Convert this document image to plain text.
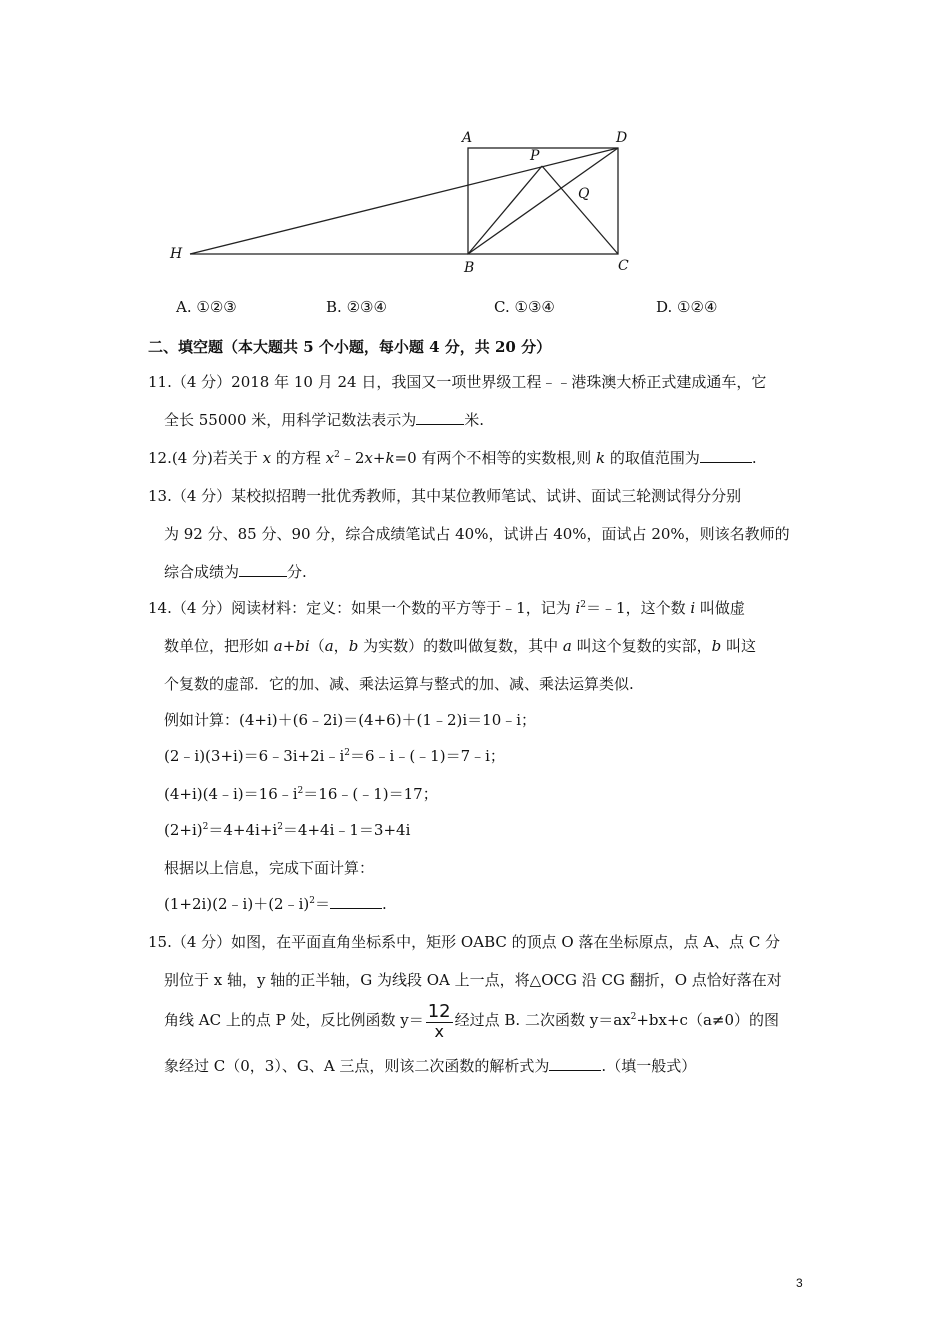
A	D
P
Q
H
B	C
A. ①②③	B. ②③④	C. ①③④	D. ①②④
二、填空题（本大题共 5 个小题，每小题 4 分，共 20 分）
11.（4 分）2018 年 10 月 24 日，我国又一项世界级工程﹣﹣港珠澳大桥正式建成通车，它
全长 55000 米，用科学记数法表示为	米.
12.(4 分)若关于 x 的方程 $x^2﹣2x+k=0$ 有两个不相等的实数根,则 k 的取值范围为	.
13.（4 分）某校拟招聘一批优秀教师，其中某位教师笔试、试讲、面试三轮测试得分分别
为 92 分、85 分、90 分，综合成绩笔试占 40%，试讲占 40%，面试占 20%，则该名教师的
综合成绩为	分.
14.（4 分）阅读材料：定义：如果一个数的平方等于﹣1，记为 $i^2=﹣1$，这个数 i 叫做虚
数单位，把形如 a+bi（a，b 为实数）的数叫做复数，其中 a 叫这个复数的实部，b 叫这
个复数的虚部．它的加、减、乘法运算与整式的加、减、乘法运算类似.
例如计算：(4+i)＋(6﹣2i)＝(4+6)＋(1﹣2)i＝10﹣i；
$(2﹣i)(3+i)=6﹣3i+2i﹣i^2=6﹣i﹣(﹣1)=7﹣i$；
$(4+i)(4﹣i)=16﹣i^2=16﹣(﹣1)=17$；
$(2+i)^2=4+4i+i^2=4+4i﹣1=3+4i$
根据以上信息，完成下面计算：
(1+2i)(2﹣i)＋(2﹣i)$^2$＝	.
15.（4 分）如图，在平面直角坐标系中，矩形 OABC 的顶点 O 落在坐标原点，点 A、点 C 分
别位于 x 轴，y 轴的正半轴，G 为线段 OA 上一点，将△OCG 沿 CG 翻折，O 点恰好落在对
角线 AC 上的点 P 处，反比例函数 $y= \frac{12}{x}$ 经过点 B. 二次函数 $y=ax^2+bx+c(a\ne 0)$的图
象经过 C（0，3）、G、A 三点，则该二次函数的解析式为	.（填一般式）
3
